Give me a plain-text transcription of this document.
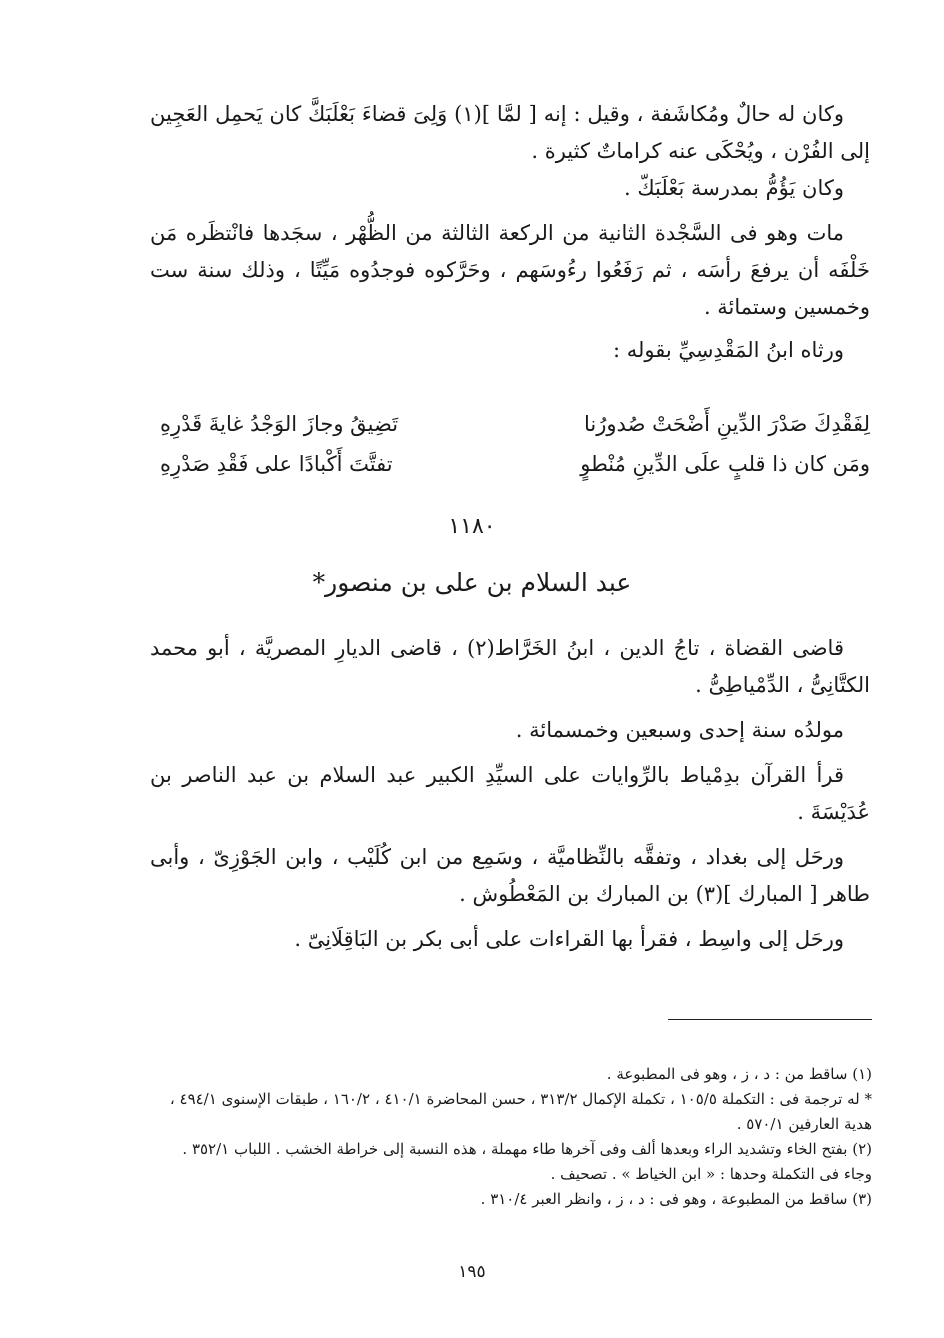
وكان له حالٌ ومُكاشَفة ، وقيل : إنه [ لمَّا ](١) وَلِىَ قضاءَ بَعْلَبَكَّ كان يَحمِل العَجِين إلى الفُرْن ، ويُحْكَى عنه كراماتٌ كثيرة .

وكان يَؤُمُّ بمدرسة بَعْلَبَكّ .

مات وهو فى السَّجْدة الثانية من الركعة الثالثة من الظُّهْر ، سجَدها فانْتظَره مَن خَلْفَه أن يرفعَ رأسَه ، ثم رَفَعُوا رءُوسَهم ، وحَرَّكوه فوجدُوه مَيِّتًا ، وذلك سنة ست وخمسين وستمائة .

ورثاه ابنُ المَقْدِسِيِّ بقوله :

لِفَقْدِكَ صَدْرَ الدِّينِ أَضْحَتْ صُدورُنا
تَضِيقُ وجازَ الوَجْدُ غايةَ قَدْرِهِ
ومَن كان ذا قلبٍ علَى الدِّينِ مُنْطوٍ
تفتَّتَ أَكْبادًا على فَقْدِ صَدْرِهِ
١١٨٠
عبد السلام بن على بن منصور*

قاضى القضاة ، تاجُ الدين ، ابنُ الخَرَّاط(٢) ، قاضى الديارِ المصريَّة ، أبو محمد الكتَّانِىُّ ، الدِّمْياطِىُّ .

مولدُه سنة إحدى وسبعين وخمسمائة .

قرأ القرآن بدِمْياط بالرِّوايات على السيِّدِ الكبير عبد السلام بن عبد الناصر بن عُدَيْسَةَ .

ورحَل إلى بغداد ، وتفقَّه بالنِّظاميَّة ، وسَمِع من ابن كُلَيْب ، وابن الجَوْزِىّ ، وأبى طاهر [ المبارك ](٣) بن المبارك بن المَعْطُوش .

ورحَل إلى واسِط ، فقرأ بها القراءات على أبى بكر بن البَاقِلَانِىّ .

(١) ساقط من : د ، ز ، وهو فى المطبوعة .

* له ترجمة فى : التكملة ١٠٥/٥ ، تكملة الإكمال ٣١٣/٢ ، حسن المحاضرة ٤١٠/١ ، ١٦٠/٢ ، طبقات الإسنوى ٤٩٤/١ ، هدية العارفين ٥٧٠/١ .

(٢) بفتح الخاء وتشديد الراء وبعدها ألف وفى آخرها طاء مهملة ، هذه النسبة إلى خراطة الخشب . اللباب ٣٥٢/١ . وجاء فى التكملة وحدها : « ابن الخياط » . تصحيف .

(٣) ساقط من المطبوعة ، وهو فى : د ، ز ، وانظر العبر ٣١٠/٤ .

١٩٥
